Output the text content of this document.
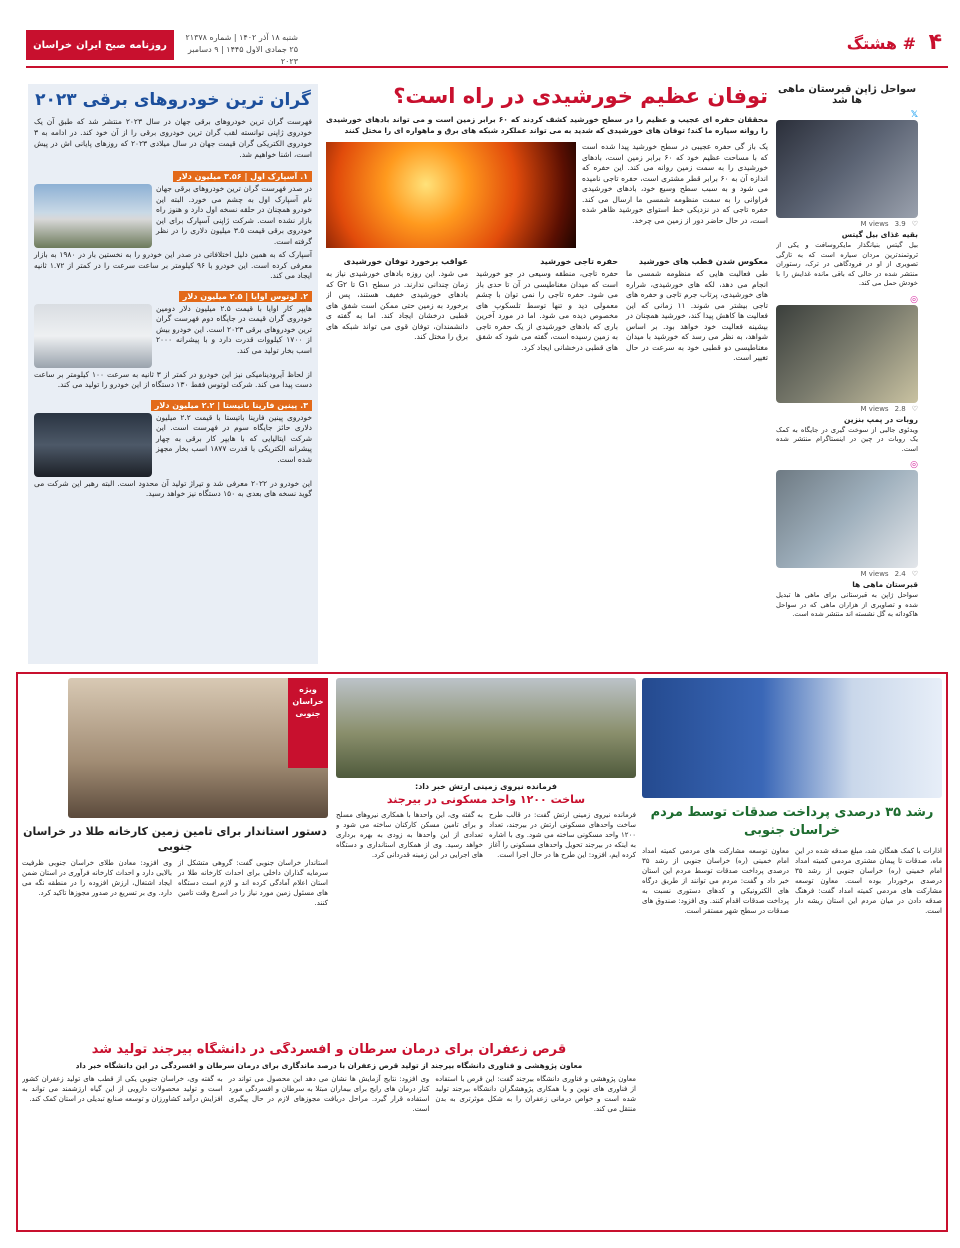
۴
# هشتگ
روزنامه صبح ایران
خراسان
شنبه ۱۸ آذر ۱۴۰۲ | شماره ۲۱۳۷۸
۲۵ جمادی الاول ۱۴۴۵ | ۹ دسامبر ۲۰۲۳
سواحل ژاپن قبرستان ماهی ها شد
𝕏
♡
3.9
M views
بقیه غذای بیل گیتس
بیل گیتس بنیانگذار مایکروسافت و یکی از ثروتمندترین مردان سیاره است که به تازگی تصویری از او در فرودگاهی در ترک، رستوران منتشر شده در حالی که باقی مانده غذایش را با خودش حمل می کند.
◎
♡
2.8
M views
روبات در پمپ بنزین
ویدئوی جالبی از سوخت گیری در جایگاه به کمک یک روبات در چین در اینستاگرام منتشر شده است.
◎
♡
2.4
M views
قبرستان ماهی ها
سواحل ژاپن به قبرستانی برای ماهی ها تبدیل شده و تصاویری از هزاران ماهی که در سواحل هاکوداته به گل نشسته اند منتشر شده است.
توفان عظیم خورشیدی در راه است؟
محققان حفره ای عجیب و عظیم را در سطح خورشید کشف کردند که ۶۰ برابر زمین است و می تواند بادهای خورشیدی را روانه سیاره ما کند؛ توفان های خورشیدی که شدید به می تواند عملکرد شبکه های برق و ماهواره ای را مختل کنند
یک باز گی حفره عجیبی در سطح خورشید پیدا شده است که با مساحت عظیم خود که ۶۰ برابر زمین است، بادهای خورشیدی را به سمت زمین روانه می کند. این حفره که اندازه آن به ۶۰ برابر قطر مشتری است، حفره تاجی نامیده می شود و به سبب سطح وسیع خود، بادهای خورشیدی فراوانی را به سمت منظومه شمسی ما ارسال می کند. حفره تاجی که در نزدیکی خط استوای خورشید ظاهر شده است، در حال حاضر دور از زمین می چرخد.
معکوس شدن قطب های خورشید

طی فعالیت هایی که منظومه شمسی ما انجام می دهد، لکه های خورشیدی، شراره های خورشیدی، پرتاب جرم تاجی و حفره های تاجی بیشتر می شوند. ۱۱ زمانی که این فعالیت ها کاهش پیدا کند، خورشید همچنان در بیشینه فعالیت خود خواهد بود. بر اساس شواهد، به نظر می رسد که خورشید با میدان مغناطیسی دو قطبی خود به سرعت در حال تغییر است.

حفره تاجی خورشید

حفره تاجی، منطقه وسیعی در جو خورشید است که میدان مغناطیسی در آن تا حدی باز می شود. حفره تاجی را نمی توان با چشم معمولی دید و تنها توسط تلسکوپ های مخصوص دیده می شود. اما در مورد آخرین باری که بادهای خورشیدی از یک حفره تاجی به زمین رسیده است، گفته می شود که شفق های قطبی درخشانی ایجاد کرد.

عواقب برخورد توفان خورشیدی

می شود. این روزه بادهای خورشیدی نیاز به زمان چندانی ندارند. در سطح G۱ تا G۲ که بادهای خورشیدی خفیف هستند، پس از برخورد به زمین حتی ممکن است شفق های قطبی درخشان ایجاد کند. اما به گفته ی دانشمندان، توفان قوی می تواند شبکه های برق را مختل کند.

گران ترین خودروهای برقی ۲۰۲۳
فهرست گران ترین خودروهای برقی جهان در سال ۲۰۲۳ منتشر شد که طبق آن یک خودروی ژاپنی توانسته لقب گران ترین خودروی برقی را از آن خود کند. در ادامه به ۳ خودروی الکتریکی گران قیمت جهان در سال میلادی ۲۰۲۳ که روزهای پایانی اش در پیش است، اشنا خواهیم شد.
۱. آسپارک اول | ۳.۵۶ میلیون دلار

در صدر فهرست گران ترین خودروهای برقی جهان نام آسپارک اول به چشم می خورد. البته این خودرو همچنان در حلقه نسخه اول دارد و هنوز راه بازار نشده است. شرکت ژاپنی آسپارک برای این خودروی برقی قیمت ۳.۵ میلیون دلاری را در نظر گرفته است.

آسپارک که به همین دلیل اختلافاتی در صدر این خودرو را به نخستین بار در ۱۹۸۰ به بازار معرفی کرده است. این خودرو با ۹۶ کیلومتر بر ساعت سرعت را در کمتر از ۱.۷۲ ثانیه ایجاد می کند.
۲. لوتوس اوایا | ۲.۵ میلیون دلار

هایپر کار اوایا با قیمت ۲.۵ میلیون دلار دومین خودروی گران قیمت در جایگاه دوم فهرست گران ترین خودروهای برقی ۲۰۲۳ است. این خودرو بیش از ۱۷۰۰ کیلووات قدرت دارد و با پیشرانه ۲۰۰۰ اسب بخار تولید می کند.

از لحاظ آیرودینامیکی نیز این خودرو در کمتر از ۳ ثانیه به سرعت ۱۰۰ کیلومتر بر ساعت دست پیدا می کند. شرکت لوتوس فقط ۱۳۰ دستگاه از این خودرو را تولید می کند.
۳. پینین فارینا باتیستا | ۲.۲ میلیون دلار

خودروی پینین فارینا باتیستا با قیمت ۲.۲ میلیون دلاری حائز جایگاه سوم در فهرست است. این شرکت ایتالیایی که با هایپر کار برقی به چهار پیشرانه الکتریکی با قدرت ۱۸۷۷ اسب بخار مجهز شده است.

این خودرو در ۲۰۲۲ معرفی شد و تیراژ تولید آن محدود است. البته رهبر این شرکت می گوید نسخه های بعدی به ۱۵۰ دستگاه نیز خواهد رسید.
رشد ۳۵ درصدی پرداخت صدقات توسط مردم خراسان جنوبی

اذارات با کمک همگان شد، مبلغ صدقه شده در این ماه، صدقات تا پیمان مشتری مردمی کمیته امداد امام خمینی (ره) خراسان جنوبی از رشد ۳۵ درصدی برخوردار بوده است. معاون توسعه مشارکت های مردمی کمیته امداد گفت: فرهنگ صدقه دادن در میان مردم این استان ریشه دار است.

معاون توسعه مشارکت های مردمی کمیته امداد امام خمینی (ره) خراسان جنوبی از رشد ۳۵ درصدی پرداخت صدقات توسط مردم این استان خبر داد و گفت: مردم می توانند از طریق درگاه های الکترونیکی و کدهای دستوری نسبت به پرداخت صدقات اقدام کنند. وی افزود: صندوق های صدقات در سطح شهر مستقر است.

فرمانده نیروی زمینی ارتش خبر داد:
ساخت ۱۲۰۰ واحد مسکونی در بیرجند

فرمانده نیروی زمینی ارتش گفت: در قالب طرح ساخت واحدهای مسکونی ارتش در بیرجند، تعداد ۱۲۰۰ واحد مسکونی ساخته می شود. وی با اشاره به اینکه در بیرجند تحویل واحدهای مسکونی را آغاز کرده ایم، افزود: این طرح ها در حال اجرا است.

به گفته وی، این واحدها با همکاری نیروهای مسلح و برای تامین مسکن کارکنان ساخته می شود و تعدادی از این واحدها به زودی به بهره برداری خواهد رسید. وی از همکاری استانداری و دستگاه های اجرایی در این زمینه قدردانی کرد.

ویژه خراسان جنوبی
دستور استاندار برای تامین زمین کارخانه طلا در خراسان جنوبی

استاندار خراسان جنوبی گفت: گروهی متشکل از سرمایه گذاران داخلی برای احداث کارخانه طلا در استان اعلام آمادگی کرده اند و لازم است دستگاه های مسئول زمین مورد نیاز را در اسرع وقت تامین کنند.

وی افزود: معادن طلای خراسان جنوبی ظرفیت بالایی دارد و احداث کارخانه فرآوری در استان ضمن ایجاد اشتغال، ارزش افزوده را در منطقه نگه می دارد. وی بر تسریع در صدور مجوزها تاکید کرد.

قرص زعفران برای درمان سرطان و افسردگی در دانشگاه بیرجند تولید شد
معاون پژوهشی و فناوری دانشگاه بیرجند از تولید قرص زعفران با درصد ماندگاری برای درمان سرطان و افسردگی در این دانشگاه خبر داد

معاون پژوهشی و فناوری دانشگاه بیرجند گفت: این قرص با استفاده از فناوری های نوین و با همکاری پژوهشگران دانشگاه بیرجند تولید شده است و خواص درمانی زعفران را به شکل موثرتری به بدن منتقل می کند.

وی افزود: نتایج آزمایش ها نشان می دهد این محصول می تواند در کنار درمان های رایج برای بیماران مبتلا به سرطان و افسردگی مورد استفاده قرار گیرد. مراحل دریافت مجوزهای لازم در حال پیگیری است.

به گفته وی، خراسان جنوبی یکی از قطب های تولید زعفران کشور است و تولید محصولات دارویی از این گیاه ارزشمند می تواند به افزایش درآمد کشاورزان و توسعه صنایع تبدیلی در استان کمک کند.
